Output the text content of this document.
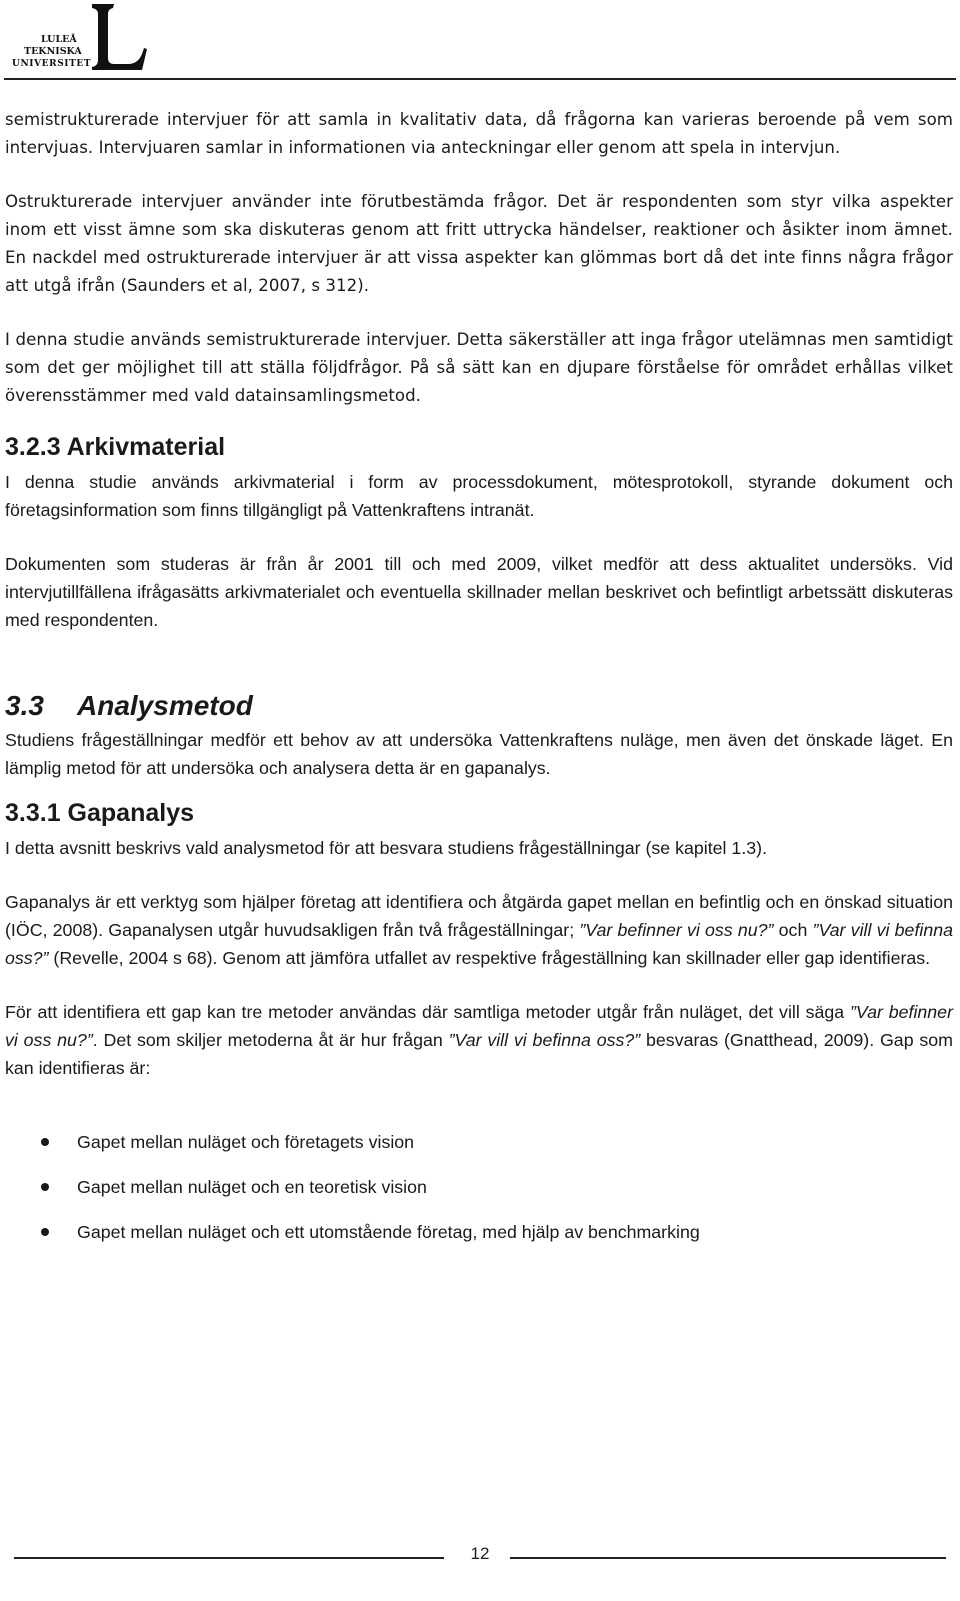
LULEÅ
TEKNISKA
UNIVERSITET

semistrukturerade intervjuer för att samla in kvalitativ data, då frågorna kan varieras beroende på vem som intervjuas. Intervjuaren samlar in informationen via anteckningar eller genom att spela in intervjun.

Ostrukturerade intervjuer använder inte förutbestämda frågor. Det är respondenten som styr vilka aspekter inom ett visst ämne som ska diskuteras genom att fritt uttrycka händelser, reaktioner och åsikter inom ämnet. En nackdel med ostrukturerade intervjuer är att vissa aspekter kan glömmas bort då det inte finns några frågor att utgå ifrån (Saunders et al, 2007, s 312).

I denna studie används semistrukturerade intervjuer. Detta säkerställer att inga frågor utelämnas men samtidigt som det ger möjlighet till att ställa följdfrågor. På så sätt kan en djupare förståelse för området erhållas vilket överensstämmer med vald datainsamlingsmetod.

3.2.3 Arkivmaterial

I denna studie används arkivmaterial i form av processdokument, mötesprotokoll, styrande dokument och företagsinformation som finns tillgängligt på Vattenkraftens intranät.

Dokumenten som studeras är från år 2001 till och med 2009, vilket medför att dess aktualitet undersöks. Vid intervjutillfällena ifrågasätts arkivmaterialet och eventuella skillnader mellan beskrivet och befintligt arbetssätt diskuteras med respondenten.

3.3 Analysmetod

Studiens frågeställningar medför ett behov av att undersöka Vattenkraftens nuläge, men även det önskade läget. En lämplig metod för att undersöka och analysera detta är en gapanalys.

3.3.1 Gapanalys

I detta avsnitt beskrivs vald analysmetod för att besvara studiens frågeställningar (se kapitel 1.3).

Gapanalys är ett verktyg som hjälper företag att identifiera och åtgärda gapet mellan en befintlig och en önskad situation (IÖC, 2008). Gapanalysen utgår huvudsakligen från två frågeställningar; ”Var befinner vi oss nu?” och ”Var vill vi befinna oss?” (Revelle, 2004 s 68). Genom att jämföra utfallet av respektive frågeställning kan skillnader eller gap identifieras.

För att identifiera ett gap kan tre metoder användas där samtliga metoder utgår från nuläget, det vill säga ”Var befinner vi oss nu?”. Det som skiljer metoderna åt är hur frågan ”Var vill vi befinna oss?” besvaras (Gnatthead, 2009). Gap som kan identifieras är:

Gapet mellan nuläget och företagets vision
Gapet mellan nuläget och en teoretisk vision
Gapet mellan nuläget och ett utomstående företag, med hjälp av benchmarking
12
